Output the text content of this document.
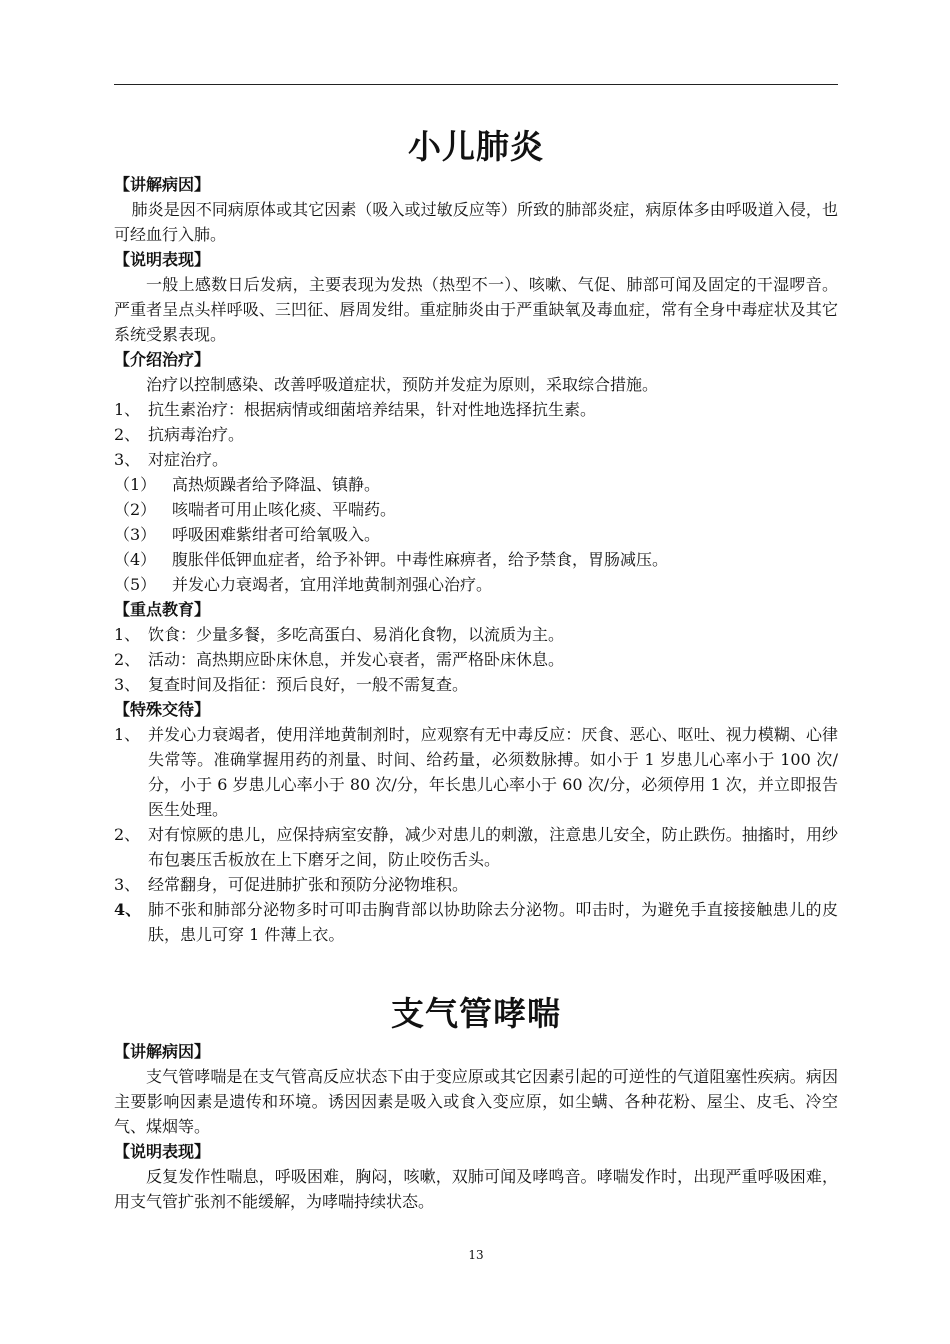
小儿肺炎
【讲解病因】
肺炎是因不同病原体或其它因素（吸入或过敏反应等）所致的肺部炎症，病原体多由呼吸道入侵，也可经血行入肺。
【说明表现】
一般上感数日后发病，主要表现为发热（热型不一）、咳嗽、气促、肺部可闻及固定的干湿啰音。严重者呈点头样呼吸、三凹征、唇周发绀。重症肺炎由于严重缺氧及毒血症，常有全身中毒症状及其它系统受累表现。
【介绍治疗】
治疗以控制感染、改善呼吸道症状，预防并发症为原则，采取综合措施。
1、 抗生素治疗：根据病情或细菌培养结果，针对性地选择抗生素。
2、 抗病毒治疗。
3、 对症治疗。
（1） 高热烦躁者给予降温、镇静。
（2） 咳喘者可用止咳化痰、平喘药。
（3） 呼吸困难紫绀者可给氧吸入。
（4） 腹胀伴低钾血症者，给予补钾。中毒性麻痹者，给予禁食，胃肠减压。
（5） 并发心力衰竭者，宜用洋地黄制剂强心治疗。
【重点教育】
1、 饮食：少量多餐，多吃高蛋白、易消化食物，以流质为主。
2、 活动：高热期应卧床休息，并发心衰者，需严格卧床休息。
3、 复查时间及指征：预后良好，一般不需复查。
【特殊交待】
1、 并发心力衰竭者，使用洋地黄制剂时，应观察有无中毒反应：厌食、恶心、呕吐、视力模糊、心律失常等。准确掌握用药的剂量、时间、给药量，必须数脉搏。如小于 1 岁患儿心率小于 100 次/分，小于 6 岁患儿心率小于 80 次/分，年长患儿心率小于 60 次/分，必须停用 1 次，并立即报告医生处理。
2、 对有惊厥的患儿，应保持病室安静，减少对患儿的刺激，注意患儿安全，防止跌伤。抽搐时，用纱布包裹压舌板放在上下磨牙之间，防止咬伤舌头。
3、 经常翻身，可促进肺扩张和预防分泌物堆积。
4、 肺不张和肺部分泌物多时可叩击胸背部以协助除去分泌物。叩击时，为避免手直接接触患儿的皮肤，患儿可穿 1 件薄上衣。
支气管哮喘
【讲解病因】
支气管哮喘是在支气管高反应状态下由于变应原或其它因素引起的可逆性的气道阻塞性疾病。病因主要影响因素是遗传和环境。诱因因素是吸入或食入变应原，如尘螨、各种花粉、屋尘、皮毛、冷空气、煤烟等。
【说明表现】
反复发作性喘息，呼吸困难，胸闷，咳嗽，双肺可闻及哮鸣音。哮喘发作时，出现严重呼吸困难，用支气管扩张剂不能缓解，为哮喘持续状态。
13
